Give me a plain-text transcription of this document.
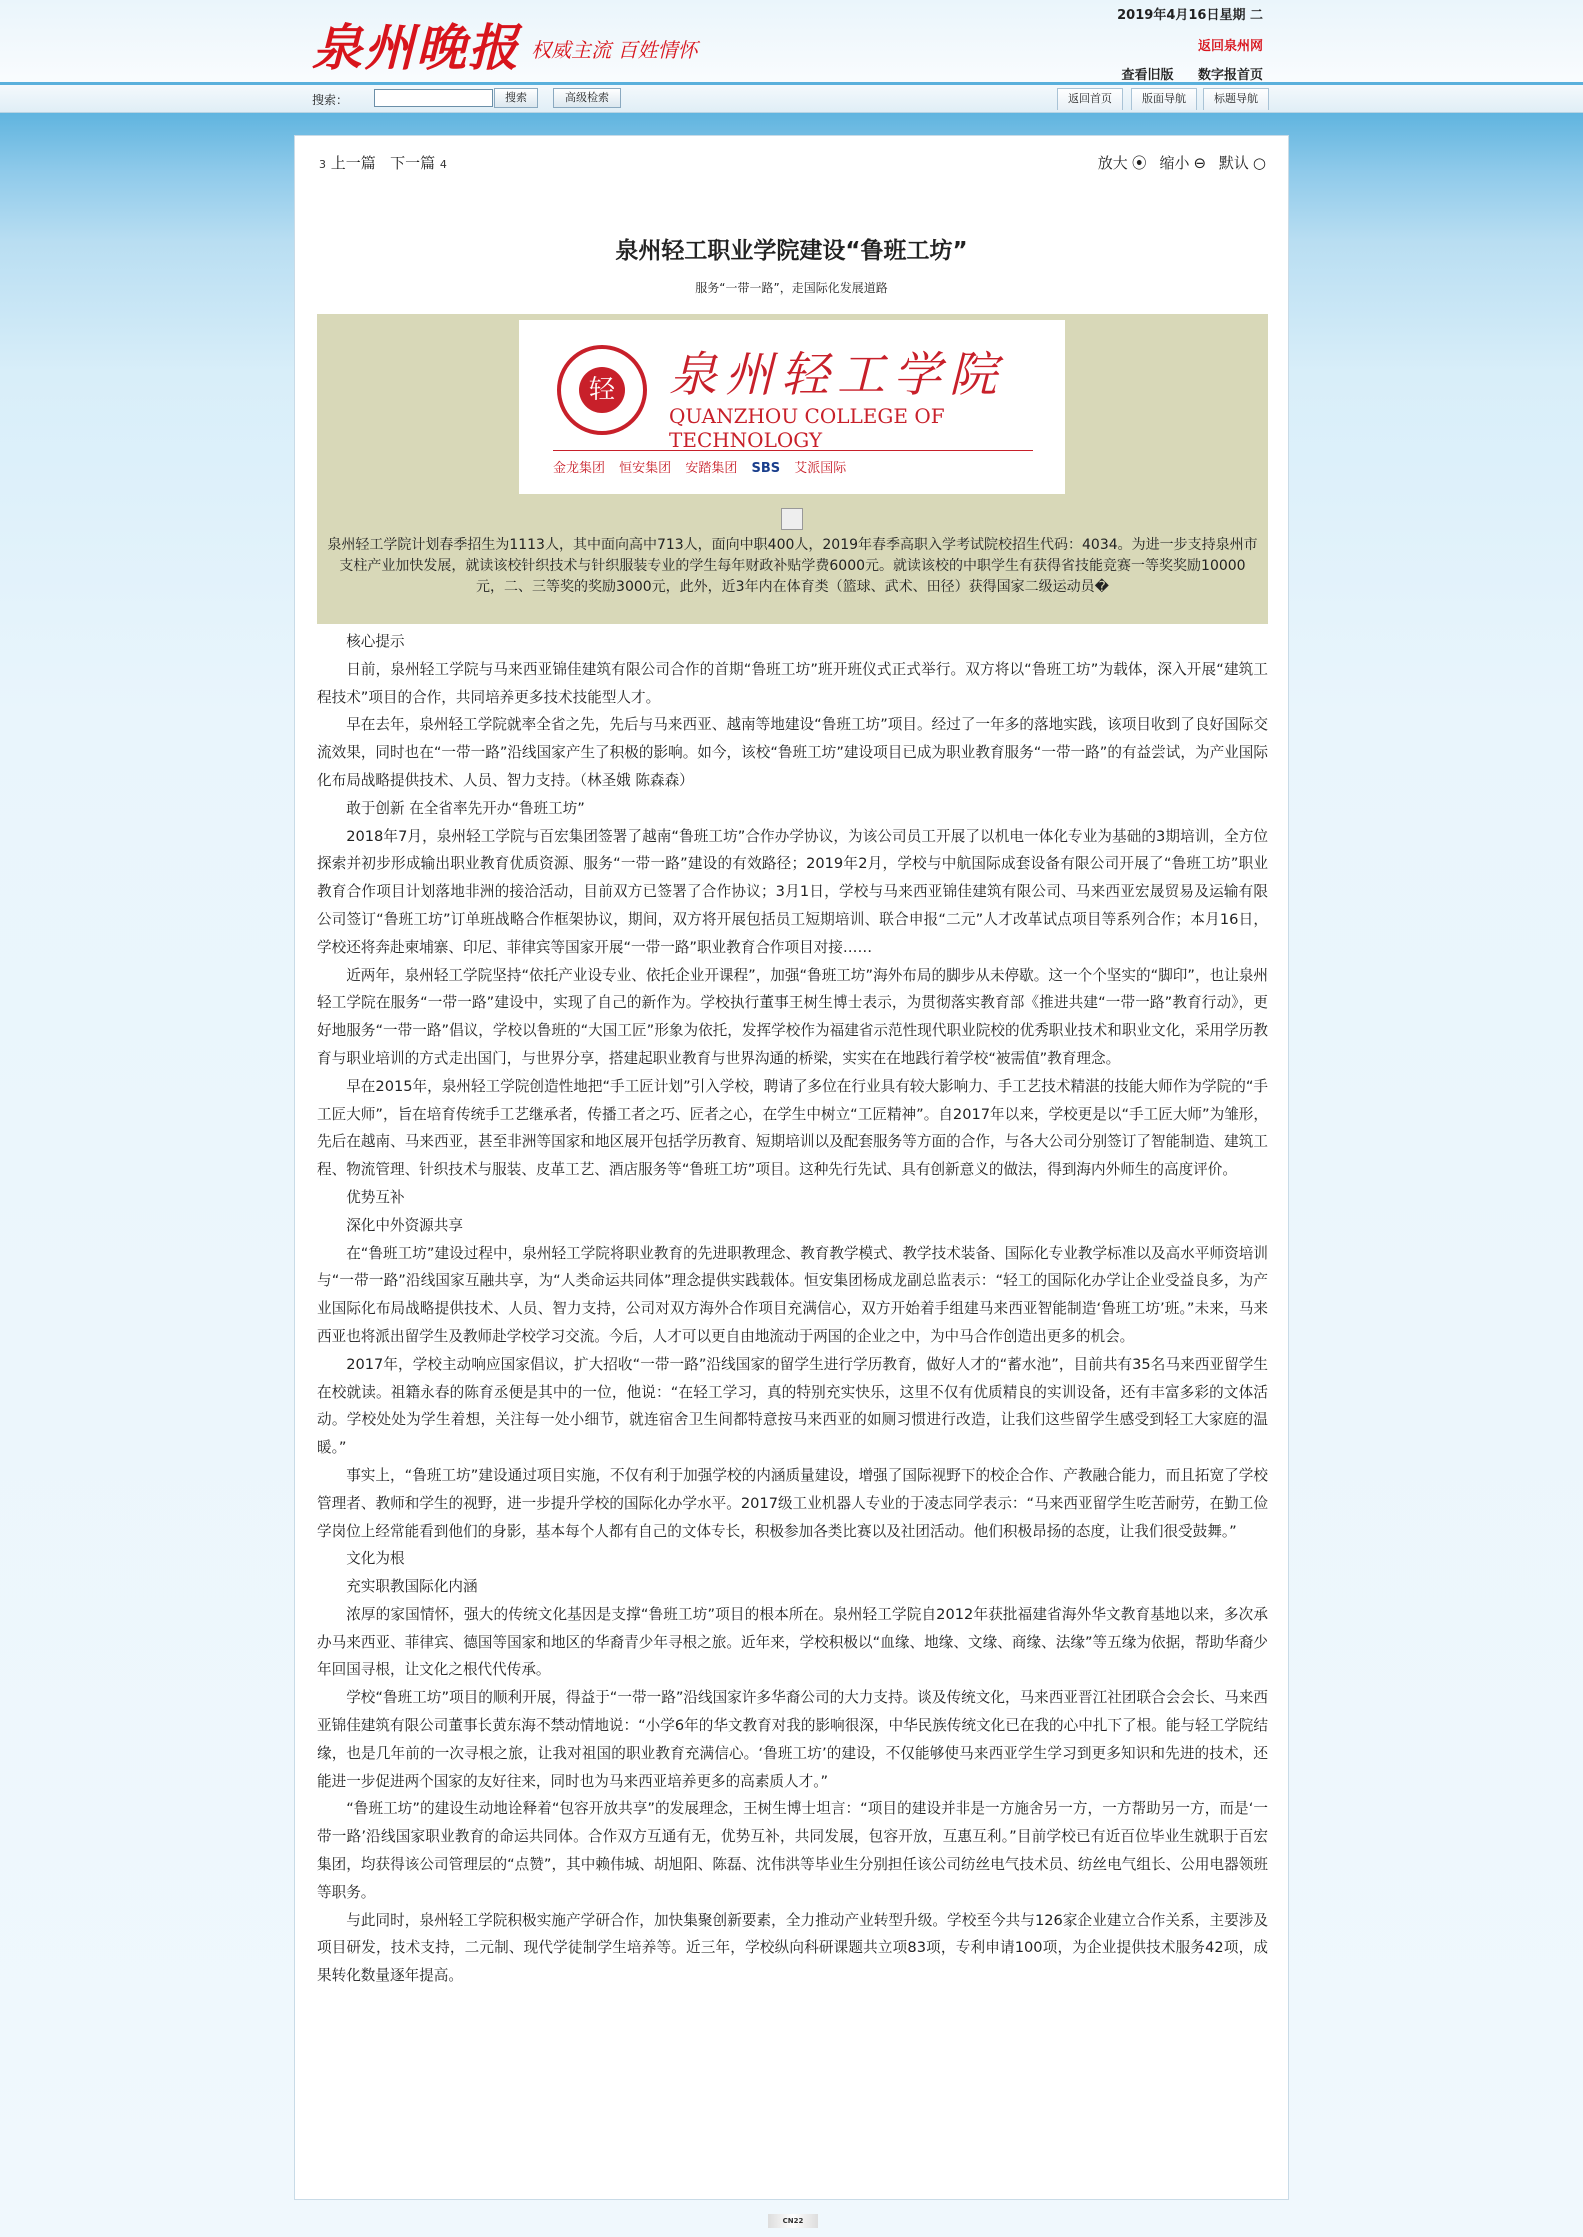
泉州晚报 权威主流 百姓情怀
2019年4月16日星期 二
返回泉州网
查看旧版 数字报首页
搜索：	搜索	高级检索	返回首页	版面导航	标题导航
3 上一篇 下一篇 4	放大 ⦿ 缩小 ⊖ 默认 ○
泉州轻工职业学院建设“鲁班工坊”
服务“一带一路”，走国际化发展道路
轻 泉州轻工学院
QUANZHOU COLLEGE OF TECHNOLOGY
金龙集团 恒安集团 安踏集团 SBS 艾派国际
泉州轻工学院计划春季招生为1113人，其中面向高中713人，面向中职400人，2019年春季高职入学考试院校招生代码：4034。为进一步支持泉州市支柱产业加快发展，就读该校针织技术与针织服装专业的学生每年财政补贴学费6000元。就读该校的中职学生有获得省技能竞赛一等奖奖励10000元，二、三等奖的奖励3000元，此外，近3年内在体育类（篮球、武术、田径）获得国家二级运动员�

核心提示

日前，泉州轻工学院与马来西亚锦佳建筑有限公司合作的首期“鲁班工坊”班开班仪式正式举行。双方将以“鲁班工坊”为载体，深入开展“建筑工程技术”项目的合作，共同培养更多技术技能型人才。

早在去年，泉州轻工学院就率全省之先，先后与马来西亚、越南等地建设“鲁班工坊”项目。经过了一年多的落地实践，该项目收到了良好国际交流效果，同时也在“一带一路”沿线国家产生了积极的影响。如今，该校“鲁班工坊”建设项目已成为职业教育服务“一带一路”的有益尝试，为产业国际化布局战略提供技术、人员、智力支持。（林圣娥 陈森森）

敢于创新 在全省率先开办“鲁班工坊”

2018年7月，泉州轻工学院与百宏集团签署了越南“鲁班工坊”合作办学协议，为该公司员工开展了以机电一体化专业为基础的3期培训，全方位探索并初步形成输出职业教育优质资源、服务“一带一路”建设的有效路径；2019年2月，学校与中航国际成套设备有限公司开展了“鲁班工坊”职业教育合作项目计划落地非洲的接洽活动，目前双方已签署了合作协议；3月1日，学校与马来西亚锦佳建筑有限公司、马来西亚宏晟贸易及运输有限公司签订“鲁班工坊”订单班战略合作框架协议，期间，双方将开展包括员工短期培训、联合申报“二元”人才改革试点项目等系列合作；本月16日，学校还将奔赴柬埔寨、印尼、菲律宾等国家开展“一带一路”职业教育合作项目对接……

近两年，泉州轻工学院坚持“依托产业设专业、依托企业开课程”，加强“鲁班工坊”海外布局的脚步从未停歇。这一个个坚实的“脚印”，也让泉州轻工学院在服务“一带一路”建设中，实现了自己的新作为。学校执行董事王树生博士表示，为贯彻落实教育部《推进共建“一带一路”教育行动》，更好地服务“一带一路”倡议，学校以鲁班的“大国工匠”形象为依托，发挥学校作为福建省示范性现代职业院校的优秀职业技术和职业文化，采用学历教育与职业培训的方式走出国门，与世界分享，搭建起职业教育与世界沟通的桥梁，实实在在地践行着学校“被需值”教育理念。

早在2015年，泉州轻工学院创造性地把“手工匠计划”引入学校，聘请了多位在行业具有较大影响力、手工艺技术精湛的技能大师作为学院的“手工匠大师”，旨在培育传统手工艺继承者，传播工者之巧、匠者之心，在学生中树立“工匠精神”。自2017年以来，学校更是以“手工匠大师”为雏形，先后在越南、马来西亚，甚至非洲等国家和地区展开包括学历教育、短期培训以及配套服务等方面的合作，与各大公司分别签订了智能制造、建筑工程、物流管理、针织技术与服装、皮革工艺、酒店服务等“鲁班工坊”项目。这种先行先试、具有创新意义的做法，得到海内外师生的高度评价。

优势互补

深化中外资源共享

在“鲁班工坊”建设过程中，泉州轻工学院将职业教育的先进职教理念、教育教学模式、教学技术装备、国际化专业教学标准以及高水平师资培训与“一带一路”沿线国家互融共享，为“人类命运共同体”理念提供实践载体。恒安集团杨成龙副总监表示：“轻工的国际化办学让企业受益良多，为产业国际化布局战略提供技术、人员、智力支持，公司对双方海外合作项目充满信心，双方开始着手组建马来西亚智能制造‘鲁班工坊’班。”未来，马来西亚也将派出留学生及教师赴学校学习交流。今后，人才可以更自由地流动于两国的企业之中，为中马合作创造出更多的机会。

2017年，学校主动响应国家倡议，扩大招收“一带一路”沿线国家的留学生进行学历教育，做好人才的“蓄水池”，目前共有35名马来西亚留学生在校就读。祖籍永春的陈育丞便是其中的一位，他说：“在轻工学习，真的特别充实快乐，这里不仅有优质精良的实训设备，还有丰富多彩的文体活动。学校处处为学生着想，关注每一处小细节，就连宿舍卫生间都特意按马来西亚的如厕习惯进行改造，让我们这些留学生感受到轻工大家庭的温暖。”

事实上，“鲁班工坊”建设通过项目实施，不仅有利于加强学校的内涵质量建设，增强了国际视野下的校企合作、产教融合能力，而且拓宽了学校管理者、教师和学生的视野，进一步提升学校的国际化办学水平。2017级工业机器人专业的于凌志同学表示：“马来西亚留学生吃苦耐劳，在勤工俭学岗位上经常能看到他们的身影，基本每个人都有自己的文体专长，积极参加各类比赛以及社团活动。他们积极昂扬的态度，让我们很受鼓舞。”

文化为根

充实职教国际化内涵

浓厚的家国情怀，强大的传统文化基因是支撑“鲁班工坊”项目的根本所在。泉州轻工学院自2012年获批福建省海外华文教育基地以来，多次承办马来西亚、菲律宾、德国等国家和地区的华裔青少年寻根之旅。近年来，学校积极以“血缘、地缘、文缘、商缘、法缘”等五缘为依据，帮助华裔少年回国寻根，让文化之根代代传承。

学校“鲁班工坊”项目的顺利开展，得益于“一带一路”沿线国家许多华裔公司的大力支持。谈及传统文化，马来西亚晋江社团联合会会长、马来西亚锦佳建筑有限公司董事长黄东海不禁动情地说：“小学6年的华文教育对我的影响很深，中华民族传统文化已在我的心中扎下了根。能与轻工学院结缘，也是几年前的一次寻根之旅，让我对祖国的职业教育充满信心。‘鲁班工坊’的建设，不仅能够使马来西亚学生学习到更多知识和先进的技术，还能进一步促进两个国家的友好往来，同时也为马来西亚培养更多的高素质人才。”

“鲁班工坊”的建设生动地诠释着“包容开放共享”的发展理念，王树生博士坦言：“项目的建设并非是一方施舍另一方，一方帮助另一方，而是‘一带一路’沿线国家职业教育的命运共同体。合作双方互通有无，优势互补，共同发展，包容开放，互惠互利。”目前学校已有近百位毕业生就职于百宏集团，均获得该公司管理层的“点赞”，其中赖伟城、胡旭阳、陈磊、沈伟洪等毕业生分别担任该公司纺丝电气技术员、纺丝电气组长、公用电器领班等职务。

与此同时，泉州轻工学院积极实施产学研合作，加快集聚创新要素，全力推动产业转型升级。学校至今共与126家企业建立合作关系，主要涉及项目研发，技术支持，二元制、现代学徒制学生培养等。近三年，学校纵向科研课题共立项83项，专利申请100项，为企业提供技术服务42项，成果转化数量逐年提高。

CN22
